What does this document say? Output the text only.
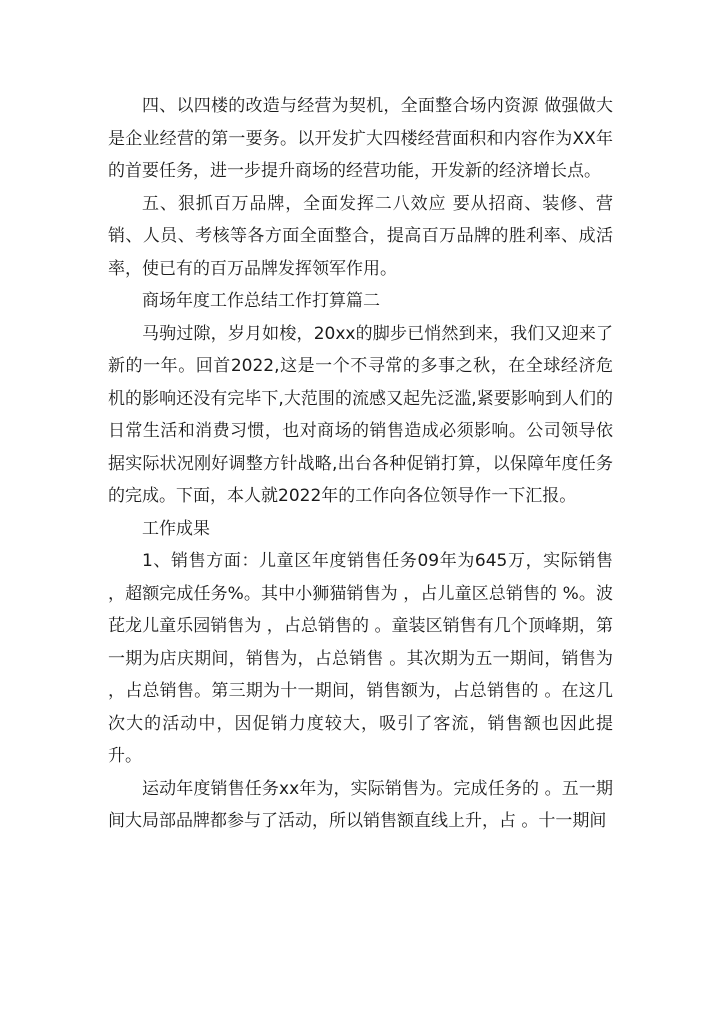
四、以四楼的改造与经营为契机，全面整合场内资源 做强做大是企业经营的第一要务。以开发扩大四楼经营面积和内容作为XX年的首要任务，进一步提升商场的经营功能，开发新的经济增长点。

五、狠抓百万品牌，全面发挥二八效应 要从招商、装修、营销、人员、考核等各方面全面整合，提高百万品牌的胜利率、成活率，使已有的百万品牌发挥领军作用。

商场年度工作总结工作打算篇二

马驹过隙，岁月如梭，20xx的脚步已悄然到来，我们又迎来了新的一年。回首2022,这是一个不寻常的多事之秋，在全球经济危机的影响还没有完毕下,大范围的流感又起先泛滥,紧要影响到人们的日常生活和消费习惯，也对商场的销售造成必须影响。公司领导依据实际状况刚好调整方针战略,出台各种促销打算，以保障年度任务的完成。下面，本人就2022年的工作向各位领导作一下汇报。

工作成果

1、销售方面：儿童区年度销售任务09年为645万，实际销售 ，超额完成任务%。其中小狮猫销售为 ，占儿童区总销售的 %。波芘龙儿童乐园销售为 ，占总销售的 。童装区销售有几个顶峰期，第一期为店庆期间，销售为，占总销售 。其次期为五一期间，销售为 ，占总销售。第三期为十一期间，销售额为，占总销售的 。在这几次大的活动中，因促销力度较大，吸引了客流，销售额也因此提升。

运动年度销售任务xx年为，实际销售为。完成任务的 。五一期间大局部品牌都参与了活动，所以销售额直线上升，占 。十一期间
